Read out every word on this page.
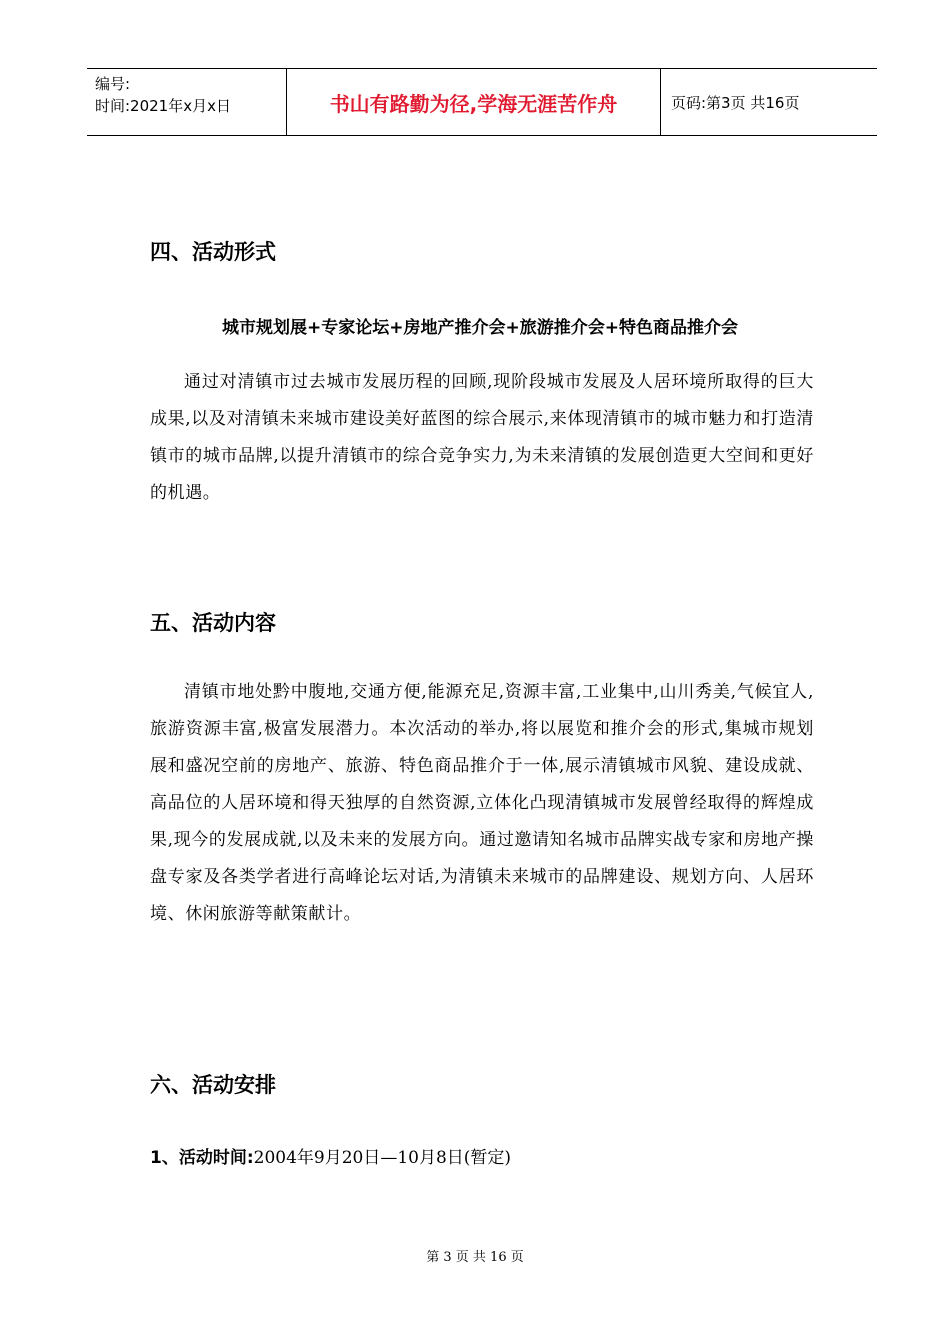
编号:
时间:2021年x月x日	书山有路勤为径,学海无涯苦作舟	页码:第3页 共16页
四、活动形式
城市规划展+专家论坛+房地产推介会+旅游推介会+特色商品推介会
通过对清镇市过去城市发展历程的回顾,现阶段城市发展及人居环境所取得的巨大成果,以及对清镇未来城市建设美好蓝图的综合展示,来体现清镇市的城市魅力和打造清镇市的城市品牌,以提升清镇市的综合竞争实力,为未来清镇的发展创造更大空间和更好的机遇。
五、活动内容
清镇市地处黔中腹地,交通方便,能源充足,资源丰富,工业集中,山川秀美,气候宜人,旅游资源丰富,极富发展潜力。本次活动的举办,将以展览和推介会的形式,集城市规划展和盛况空前的房地产、旅游、特色商品推介于一体,展示清镇城市风貌、建设成就、高品位的人居环境和得天独厚的自然资源,立体化凸现清镇城市发展曾经取得的辉煌成果,现今的发展成就,以及未来的发展方向。通过邀请知名城市品牌实战专家和房地产操盘专家及各类学者进行高峰论坛对话,为清镇未来城市的品牌建设、规划方向、人居环境、休闲旅游等献策献计。
六、活动安排
1、活动时间:2004年9月20日—10月8日(暂定)
第 3 页 共 16 页
